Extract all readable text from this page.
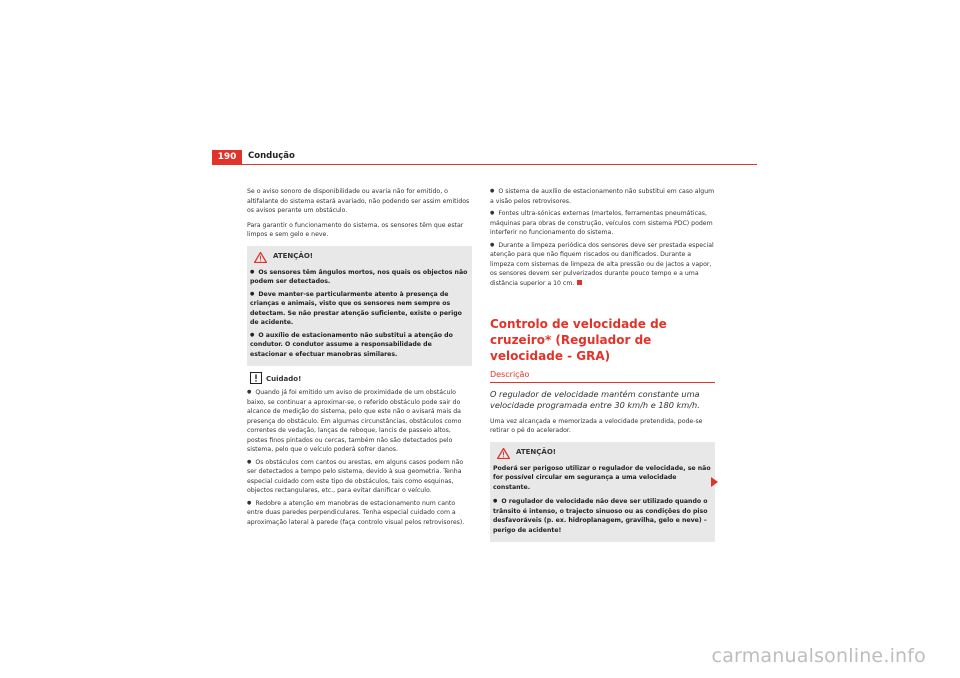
190	Condução

Se o aviso sonoro de disponibilidade ou avaria não for emitido, o altifalante do sistema estará avariado, não podendo ser assim emitidos os avisos perante um obstáculo.

Para garantir o funcionamento do sistema, os sensores têm que estar limpos e sem gelo e neve.

ATENÇÃO!
● Os sensores têm ângulos mortos, nos quais os objectos não podem ser detectados.
● Deve manter-se particularmente atento à presença de crianças e animais, visto que os sensores nem sempre os detectam. Se não prestar atenção suficiente, existe o perigo de acidente.
● O auxílio de estacionamento não substitui a atenção do condutor. O condutor assume a responsabilidade de estacionar e efectuar manobras similares.
Cuidado!
● Quando já foi emitido um aviso de proximidade de um obstáculo baixo, se continuar a aproximar-se, o referido obstáculo pode sair do alcance de medição do sistema, pelo que este não o avisará mais da presença do obstáculo. Em algumas circunstâncias, obstáculos como correntes de vedação, lanças de reboque, lancis de passeio altos, postes finos pintados ou cercas, também não são detectados pelo sistema, pelo que o veículo poderá sofrer danos.
● Os obstáculos com cantos ou arestas, em alguns casos podem não ser detectados a tempo pelo sistema, devido à sua geometria. Tenha especial cuidado com este tipo de obstáculos, tais como esquinas, objectos rectangulares, etc., para evitar danificar o veículo.
● Redobre a atenção em manobras de estacionamento num canto entre duas paredes perpendiculares. Tenha especial cuidado com a aproximação lateral à parede (faça controlo visual pelos retrovisores).
● O sistema de auxílio de estacionamento não substitui em caso algum a visão pelos retrovisores.
● Fontes ultra-sónicas externas (martelos, ferramentas pneumáticas, máquinas para obras de construção, veículos com sistema PDC) podem interferir no funcionamento do sistema.
● Durante a limpeza periódica dos sensores deve ser prestada especial atenção para que não fiquem riscados ou danificados. Durante a limpeza com sistemas de limpeza de alta pressão ou de jactos a vapor, os sensores devem ser pulverizados durante pouco tempo e a uma distância superior a 10 cm.
Controlo de velocidade de cruzeiro* (Regulador de velocidade - GRA)
Descrição
O regulador de velocidade mantém constante uma velocidade programada entre 30 km/h e 180 km/h.

Uma vez alcançada e memorizada a velocidade pretendida, pode-se retirar o pé do acelerador.

ATENÇÃO!

Poderá ser perigoso utilizar o regulador de velocidade, se não for possível circular em segurança a uma velocidade constante.

● O regulador de velocidade não deve ser utilizado quando o trânsito é intenso, o trajecto sinuoso ou as condições do piso desfavoráveis (p. ex. hidroplanagem, gravilha, gelo e neve) – perigo de acidente!
carmanualsonline.info
